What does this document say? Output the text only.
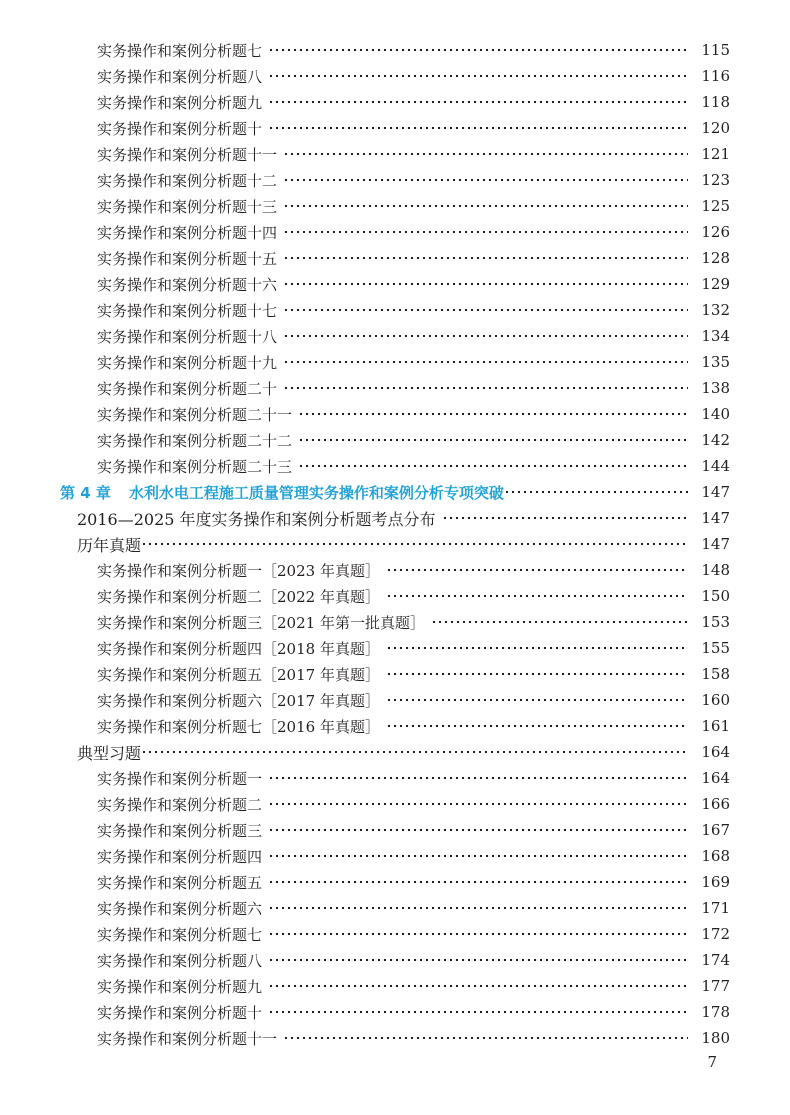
实务操作和案例分析题七	115
实务操作和案例分析题八	116
实务操作和案例分析题九	118
实务操作和案例分析题十	120
实务操作和案例分析题十一	121
实务操作和案例分析题十二	123
实务操作和案例分析题十三	125
实务操作和案例分析题十四	126
实务操作和案例分析题十五	128
实务操作和案例分析题十六	129
实务操作和案例分析题十七	132
实务操作和案例分析题十八	134
实务操作和案例分析题十九	135
实务操作和案例分析题二十	138
实务操作和案例分析题二十一	140
实务操作和案例分析题二十二	142
实务操作和案例分析题二十三	144
第 4 章 水利水电工程施工质量管理实务操作和案例分析专项突破	147
2016—2025 年度实务操作和案例分析题考点分布	147
历年真题	147
实务操作和案例分析题一［2023 年真题］	148
实务操作和案例分析题二［2022 年真题］	150
实务操作和案例分析题三［2021 年第一批真题］	153
实务操作和案例分析题四［2018 年真题］	155
实务操作和案例分析题五［2017 年真题］	158
实务操作和案例分析题六［2017 年真题］	160
实务操作和案例分析题七［2016 年真题］	161
典型习题	164
实务操作和案例分析题一	164
实务操作和案例分析题二	166
实务操作和案例分析题三	167
实务操作和案例分析题四	168
实务操作和案例分析题五	169
实务操作和案例分析题六	171
实务操作和案例分析题七	172
实务操作和案例分析题八	174
实务操作和案例分析题九	177
实务操作和案例分析题十	178
实务操作和案例分析题十一	180
7
